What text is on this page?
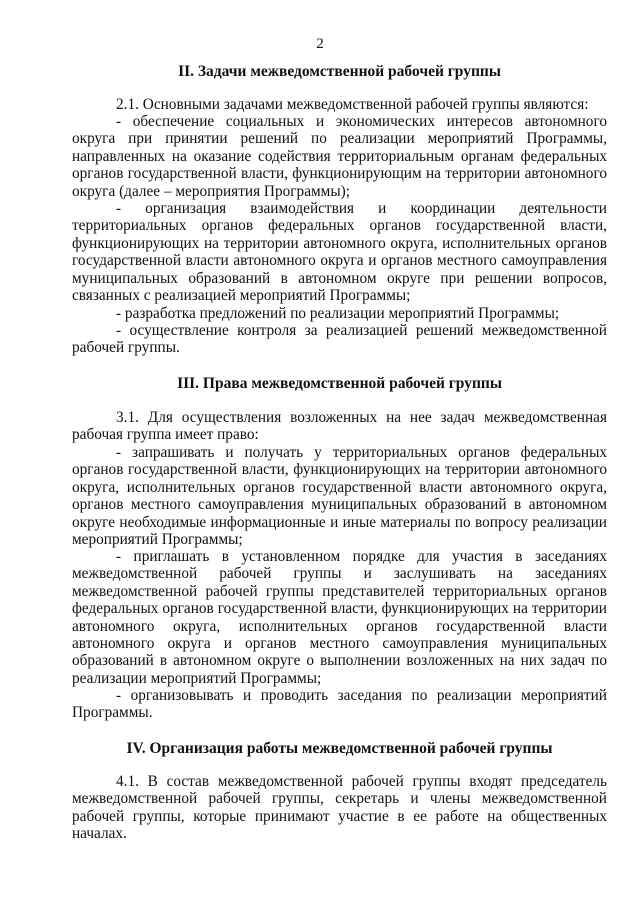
2
II. Задачи межведомственной рабочей группы
2.1. Основными задачами межведомственной рабочей группы являются:
- обеспечение социальных и экономических интересов автономного округа при принятии решений по реализации мероприятий Программы, направленных на оказание содействия территориальным органам федеральных органов государственной власти, функционирующим на территории автономного округа (далее – мероприятия Программы);
- организация взаимодействия и координации деятельности территориальных органов федеральных органов государственной власти, функционирующих на территории автономного округа, исполнительных органов государственной власти автономного округа и органов местного самоуправления муниципальных образований в автономном округе при решении вопросов, связанных с реализацией мероприятий Программы;
- разработка предложений по реализации мероприятий Программы;
- осуществление контроля за реализацией решений межведомственной рабочей группы.
III. Права межведомственной рабочей группы
3.1. Для осуществления возложенных на нее задач межведомственная рабочая группа имеет право:
- запрашивать и получать у территориальных органов федеральных органов государственной власти, функционирующих на территории автономного округа, исполнительных органов государственной власти автономного округа, органов местного самоуправления муниципальных образований в автономном округе необходимые информационные и иные материалы по вопросу реализации мероприятий Программы;
- приглашать в установленном порядке для участия в заседаниях межведомственной рабочей группы и заслушивать на заседаниях межведомственной рабочей группы представителей территориальных органов федеральных органов государственной власти, функционирующих на территории автономного округа, исполнительных органов государственной власти автономного округа и органов местного самоуправления муниципальных образований в автономном округе о выполнении возложенных на них задач по реализации мероприятий Программы;
- организовывать и проводить заседания по реализации мероприятий Программы.
IV. Организация работы межведомственной рабочей группы
4.1. В состав межведомственной рабочей группы входят председатель межведомственной рабочей группы, секретарь и члены межведомственной рабочей группы, которые принимают участие в ее работе на общественных началах.
